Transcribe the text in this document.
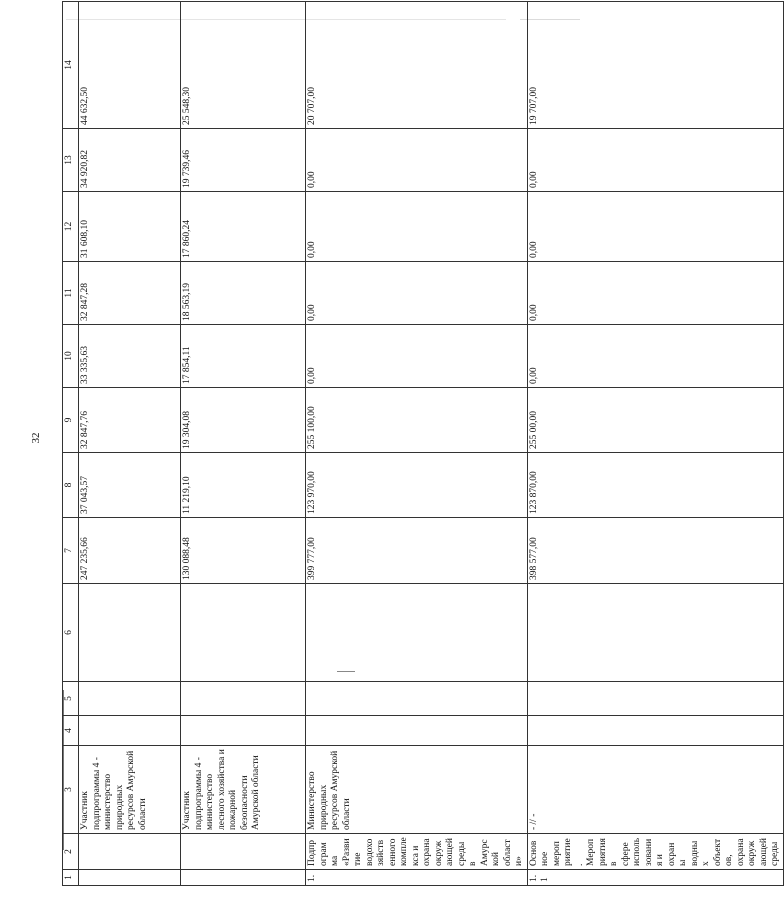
32
1	2	3	4	5	6	7	8	9	10	11	12	13	14
		Участник подпрограммы 4 - министерство природных ресурсов Амурской области				247 235,66	37 043,57	32 847,76	33 335,63	32 847,28	31 608,10	34 920,82	44 632,50
		Участник подпрограммы 4 - министерство лесного хозяйства и пожарной безопасности Амурской области				130 088,48	11 219,10	19 304,08	17 854,11	18 563,19	17 860,24	19 739,46	25 548,30
1.	Подпрограмма «Развитие водохозяйственного комплекса и охрана окружающей среды в Амурской области»	Министерство природных ресурсов Амурской области				399 777,00	123 970,00	255 100,00	0,00	0,00	0,00	0,00	20 707,00
1.1	Основное мероприятие. Мероприятия в сфере использования и охраны водных объектов, охрана окружающей среды	- // -				398 577,00	123 870,00	255 00,00	0,00	0,00	0,00	0,00	19 707,00
